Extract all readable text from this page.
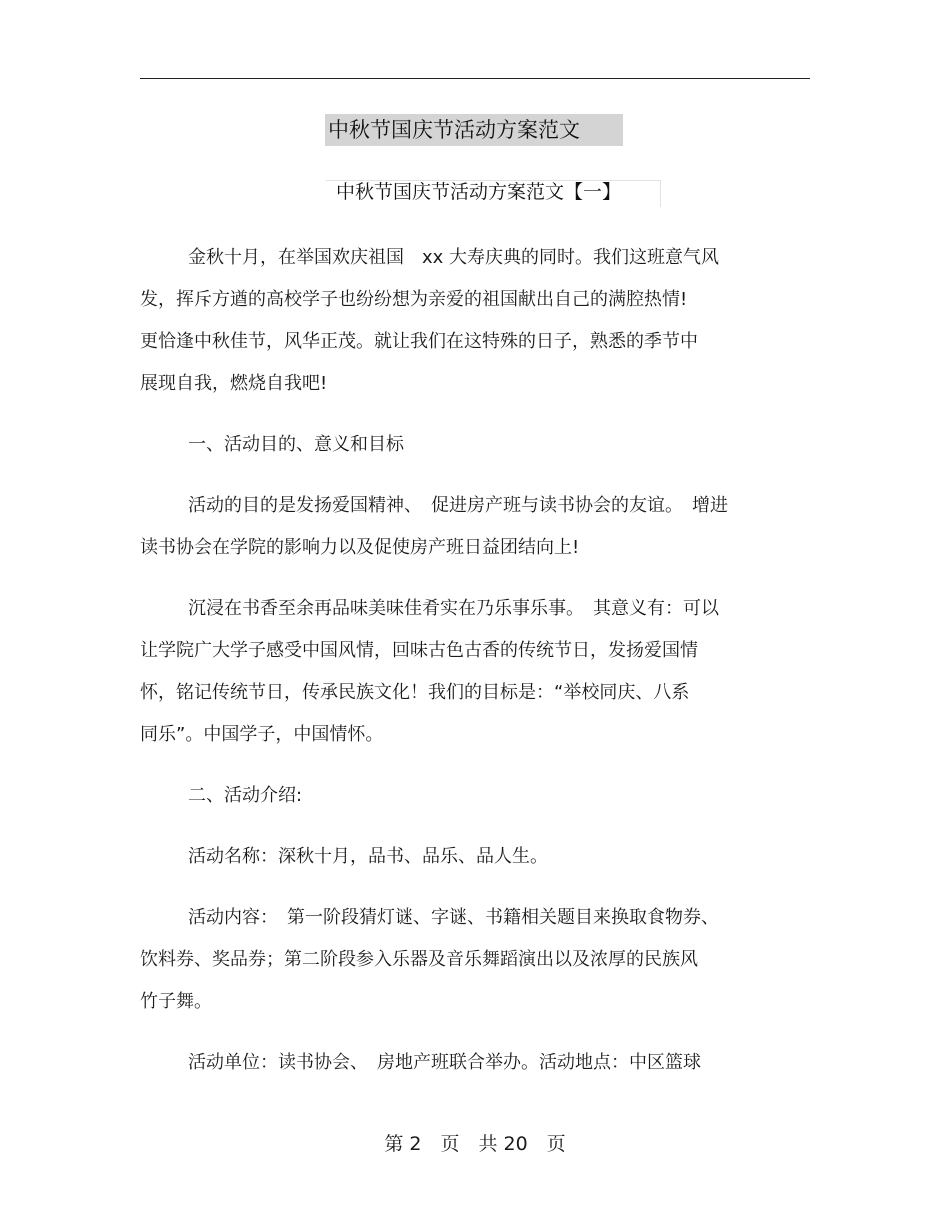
中秋节国庆节活动方案范文
中秋节国庆节活动方案范文【一】
金秋十月，在举国欢庆祖国　xx 大寿庆典的同时。我们这班意气风
发，挥斥方遒的高校学子也纷纷想为亲爱的祖国献出自己的满腔热情!
更恰逢中秋佳节，风华正茂。就让我们在这特殊的日子，熟悉的季节中
展现自我，燃烧自我吧!
一、活动目的、意义和目标
活动的目的是发扬爱国精神、　促进房产班与读书协会的友谊。　增进
读书协会在学院的影响力以及促使房产班日益团结向上!
沉浸在书香至余再品味美味佳肴实在乃乐事乐事。　其意义有：可以
让学院广大学子感受中国风情，回味古色古香的传统节日，发扬爱国情
怀，铭记传统节日，传承民族文化！我们的目标是：“举校同庆、八系
同乐”。中国学子，中国情怀。
二、活动介绍:
活动名称：深秋十月，品书、品乐、品人生。
活动内容：　第一阶段猜灯谜、字谜、书籍相关题目来换取食物券、
饮料券、奖品券；第二阶段参入乐器及音乐舞蹈演出以及浓厚的民族风
竹子舞。
活动单位：读书协会、　房地产班联合举办。活动地点：中区篮球
第 2　页　共 20　页
